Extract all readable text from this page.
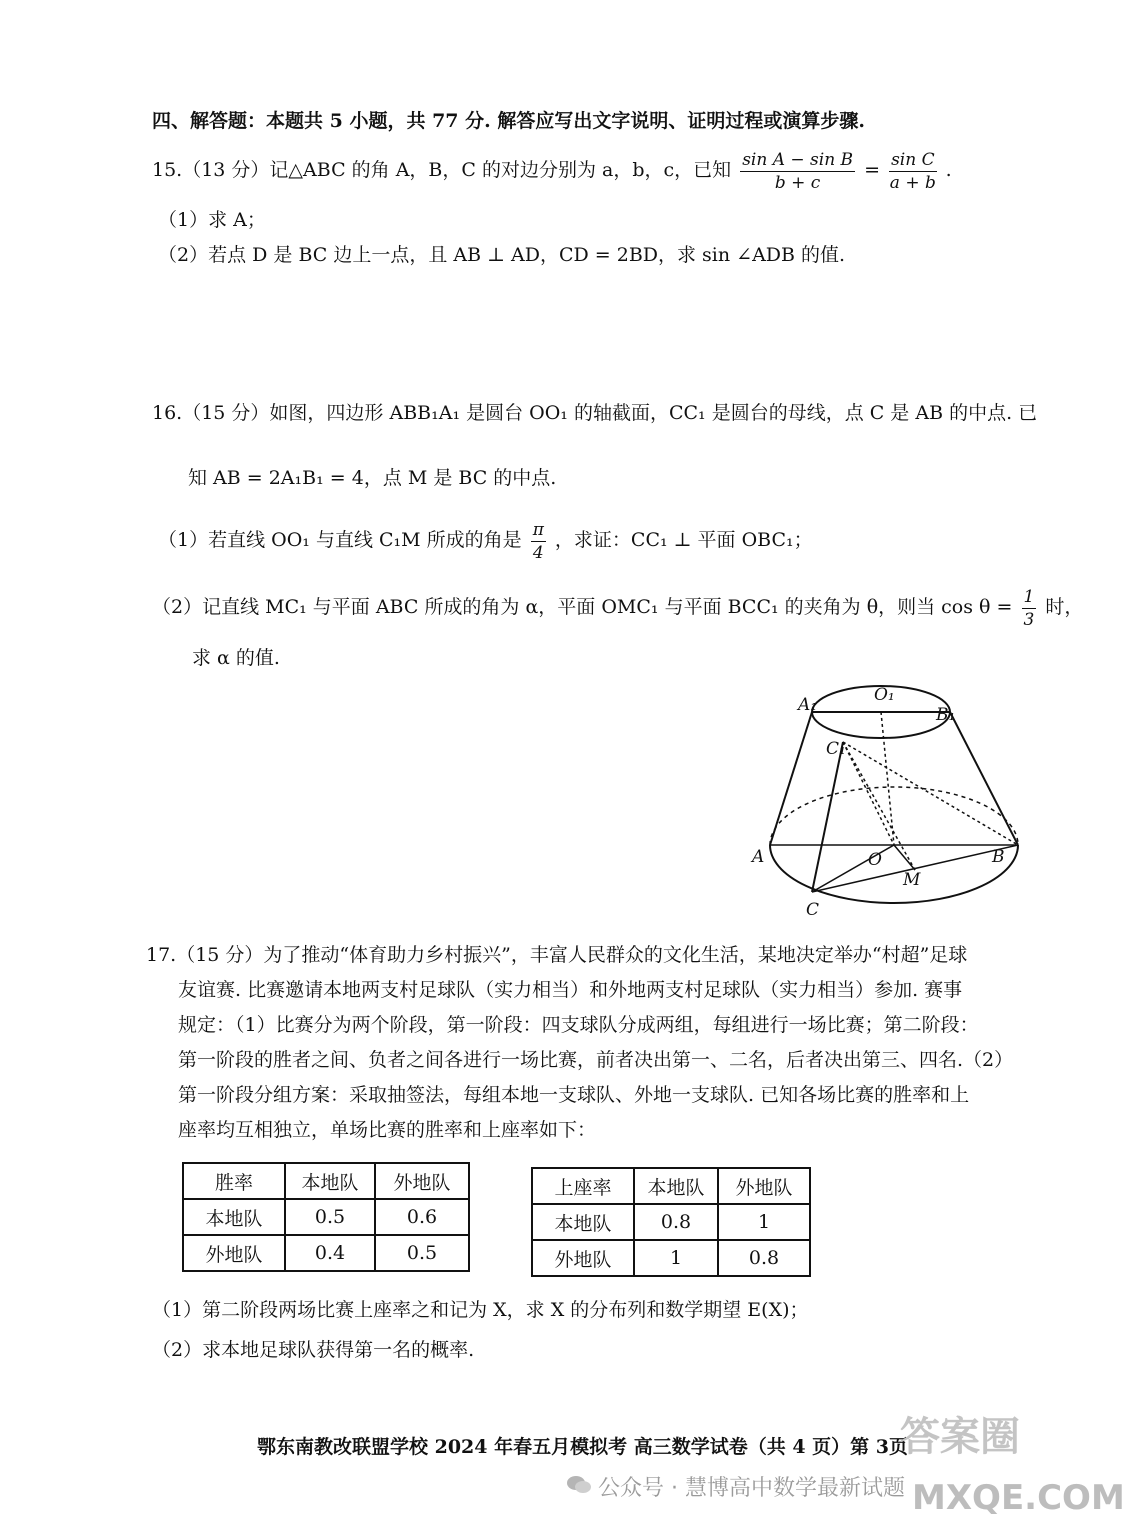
四、解答题：本题共 5 小题，共 77 分. 解答应写出文字说明、证明过程或演算步骤.
15.（13 分）记△ABC 的角 A，B，C 的对边分别为 a，b，c，已知 $\frac{\text{sin A − sin B}}{b + c} = \frac{\text{sin C}}{a + b}$ .
（1）求 A；
（2）若点 D 是 BC 边上一点，且 AB ⊥ AD，CD = 2BD，求 sin ∠ADB 的值.
16.（15 分）如图，四边形 ABB₁A₁ 是圆台 OO₁ 的轴截面，CC₁ 是圆台的母线，点 C 是 AB 的中点. 已
知 AB = 2A₁B₁ = 4，点 M 是 BC 的中点.
（1）若直线 OO₁ 与直线 C₁M 所成的角是 $\frac{\pi}{4}$ ，求证：CC₁ ⊥ 平面 OBC₁；
（2）记直线 MC₁ 与平面 ABC 所成的角为 α，平面 OMC₁ 与平面 BCC₁ 的夹角为 θ，则当 $\cos \theta = \frac{1}{3}$ 时，
求 α 的值.
A₁	O₁
B₁
C₁
A	O	B
M
C
17.（15 分）为了推动“体育助力乡村振兴”，丰富人民群众的文化生活，某地决定举办“村超”足球
友谊赛. 比赛邀请本地两支村足球队（实力相当）和外地两支村足球队（实力相当）参加. 赛事
规定：（1）比赛分为两个阶段，第一阶段：四支球队分成两组，每组进行一场比赛；第二阶段：
第一阶段的胜者之间、负者之间各进行一场比赛，前者决出第一、二名，后者决出第三、四名.（2）
第一阶段分组方案：采取抽签法，每组本地一支球队、外地一支球队. 已知各场比赛的胜率和上
座率均互相独立，单场比赛的胜率和上座率如下：
胜率	本地队	外地队
本地队	0.5	0.6
外地队	0.4	0.5
上座率	本地队	外地队
本地队	0.8	1
外地队	1	0.8
（1）第二阶段两场比赛上座率之和记为 X，求 X 的分布列和数学期望 E(X)；
（2）求本地足球队获得第一名的概率.
鄂东南教改联盟学校 2024 年春五月模拟考 高三数学试卷（共 4 页）第 3页
公众号 · 慧博高中数学最新试题
答案圈
MXQE.COM
